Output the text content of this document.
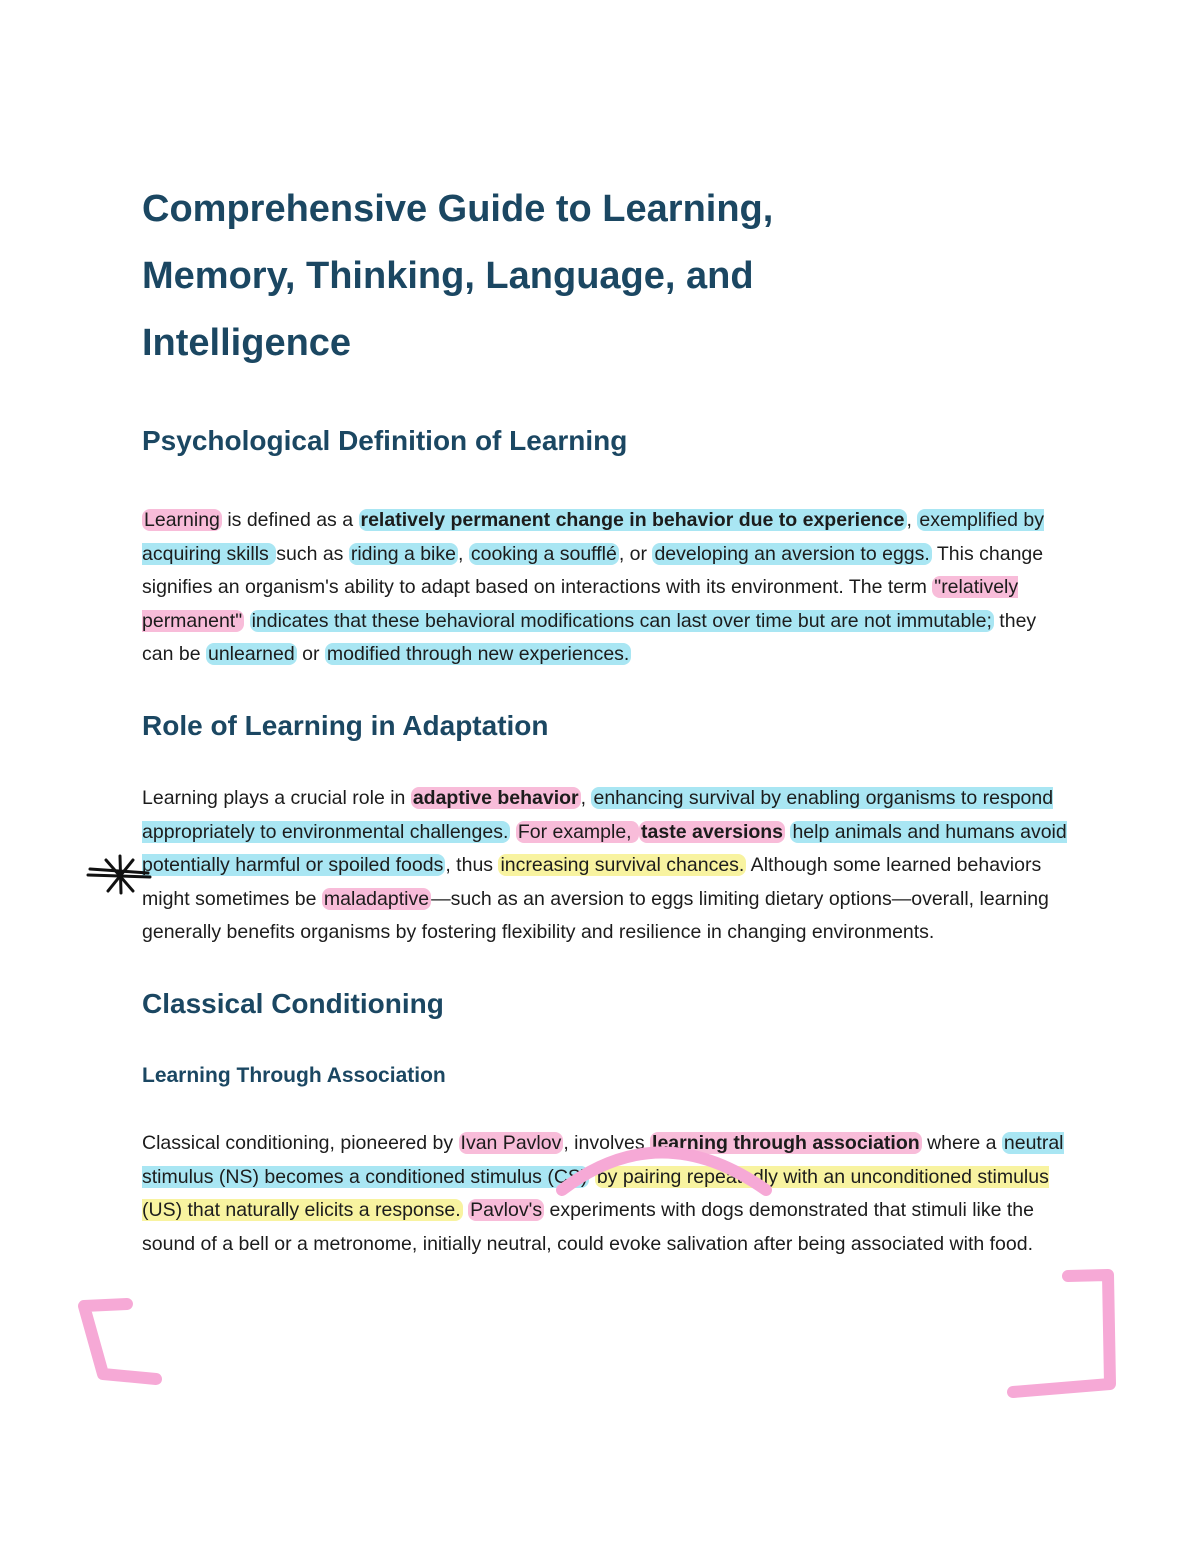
Comprehensive Guide to Learning, Memory, Thinking, Language, and Intelligence
Psychological Definition of Learning

Learning is defined as a relatively permanent change in behavior due to experience , exemplified by acquiring skills such as riding a bike , cooking a soufflé , or developing an aversion to eggs. This change signifies an organism's ability to adapt based on interactions with its environment. The term "relatively permanent" indicates that these behavioral modifications can last over time but are not immutable; they can be unlearned or modified through new experiences.

Role of Learning in Adaptation

Learning plays a crucial role in adaptive behavior , enhancing survival by enabling organisms to respond appropriately to environmental challenges. For example, taste aversions help animals and humans avoid potentially harmful or spoiled foods , thus increasing survival chances. Although some learned behaviors might sometimes be maladaptive —such as an aversion to eggs limiting dietary options—overall, learning generally benefits organisms by fostering flexibility and resilience in changing environments.

Classical Conditioning
Learning Through Association

Classical conditioning, pioneered by Ivan Pavlov , involves learning through association where a neutral stimulus (NS) becomes a conditioned stimulus (CS) by pairing repeatedly with an unconditioned stimulus (US) that naturally elicits a response. Pavlov's experiments with dogs demonstrated that stimuli like the sound of a bell or a metronome, initially neutral, could evoke salivation after being associated with food.
